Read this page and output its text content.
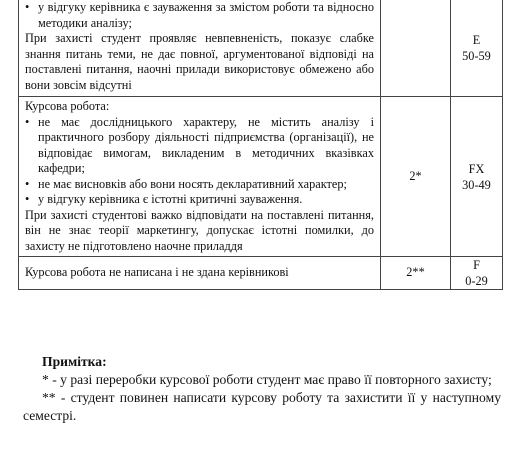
• у відгуку керівника є зауваження за змістом роботи та відносно методики аналізу;
При захисті студент проявляє невпевненість, показує слабке знання питань теми, не дає повної, аргументованої відповіді на поставлені питання, наочні прилади використовує обмежено або вони зовсім відсутні		E
50-59

Курсова робота:
• не має дослідницького характеру, не містить аналізу і практичного розбору діяльності підприємства (організації), не відповідає вимогам, викладеним в методичних вказівках кафедри;
• не має висновків або вони носять декларативний характер;
• у відгуку керівника є істотні критичні зауваження.
При захисті студентові важко відповідати на поставлені питання, він не знає теорії маркетингу, допускає істотні помилки, до захисту не підготовлено наочне приладдя	2*	FX
30-49

Курсова робота не написана і не здана керівникові	2**	F
0-29
Примітка:
* - у разі переробки курсової роботи студент має право її повторного захисту;
** - студент повинен написати курсову роботу та захистити її у наступному семестрі.
